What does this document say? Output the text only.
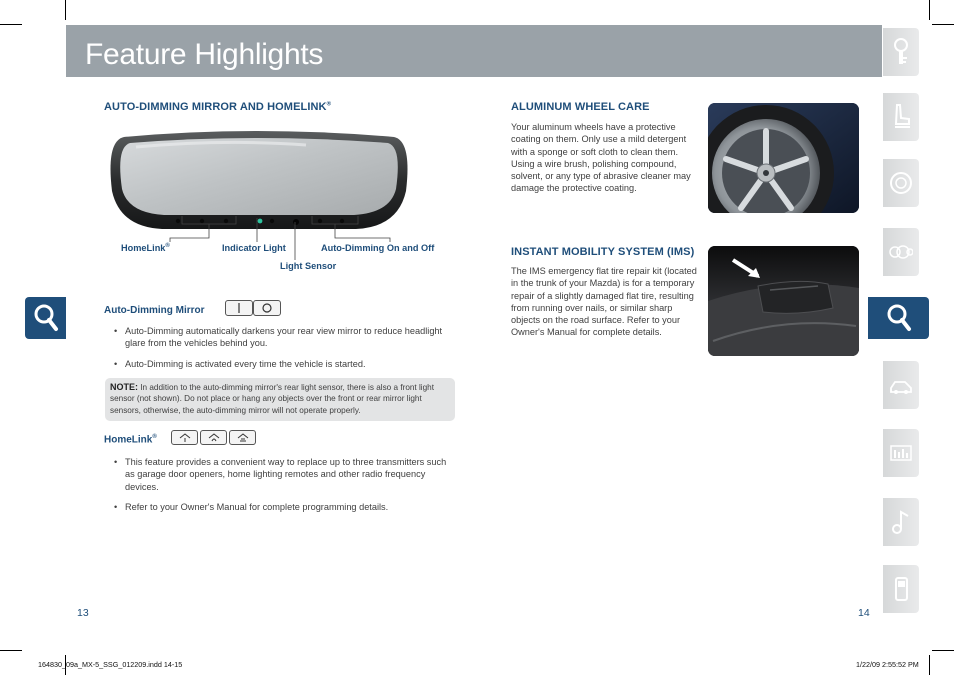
Feature Highlights
AUTO-DIMMING MIRROR AND HOMELINK®
HomeLink®	Indicator Light	Auto-Dimming On and Off
Light Sensor
Auto-Dimming Mirror
• Auto-Dimming automatically darkens your rear view mirror to reduce headlight glare from the vehicles behind you.
• Auto-Dimming is activated every time the vehicle is started.
NOTE: In addition to the auto-dimming mirror's rear light sensor, there is also a front light sensor (not shown). Do not place or hang any objects over the front or rear mirror light sensors, otherwise, the auto-dimming mirror will not operate properly.
HomeLink®
• This feature provides a convenient way to replace up to three transmitters such as garage door openers, home lighting remotes and other radio frequency devices.
• Refer to your Owner's Manual for complete programming details.
13
ALUMINUM WHEEL CARE
Your aluminum wheels have a protective coating on them. Only use a mild detergent with a sponge or soft cloth to clean them. Using a wire brush, polishing compound, solvent, or any type of abrasive cleaner may damage the protective coating.
INSTANT MOBILITY SYSTEM (IMS)
The IMS emergency flat tire repair kit (located in the trunk of your Mazda) is for a temporary repair of a slightly damaged flat tire, resulting from running over nails, or similar sharp objects on the road surface. Refer to your Owner's Manual for complete details.
14
164830_09a_MX-5_SSG_012209.indd 14-15	1/22/09 2:55:52 PM
